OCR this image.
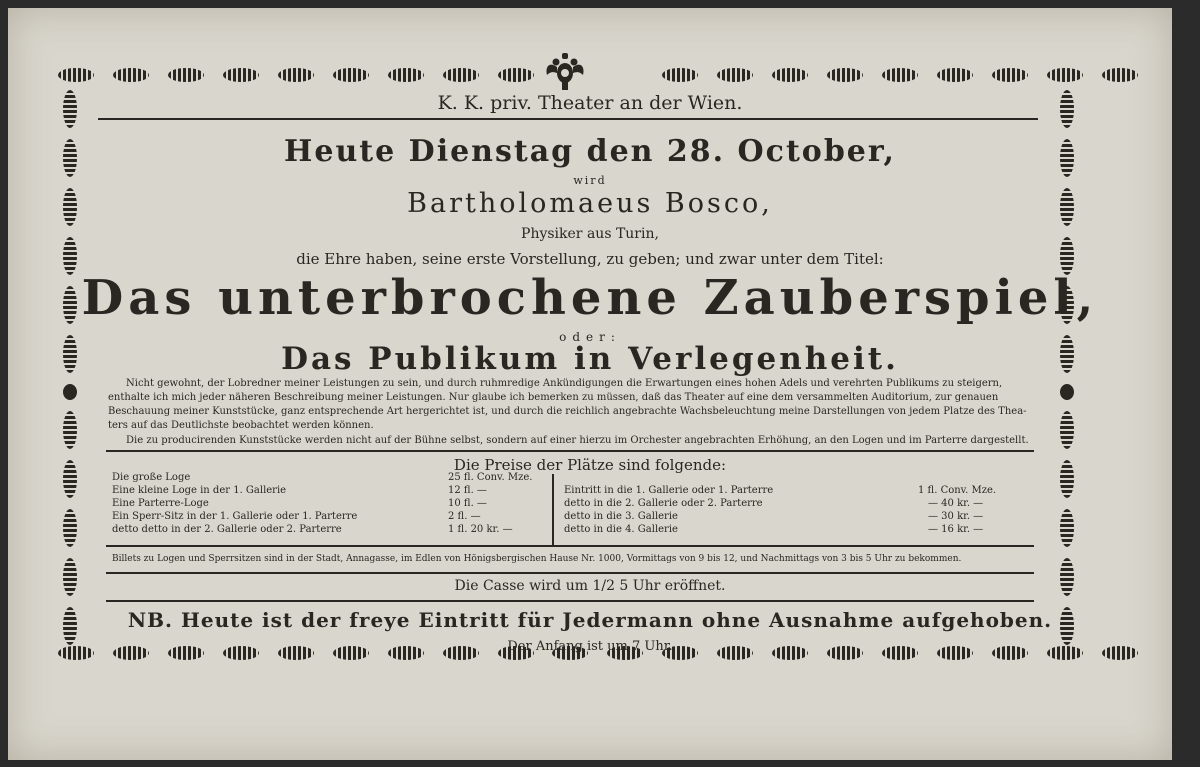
K. K. priv. Theater an der Wien.
Heute Dienstag den 28. October,
wird
Bartholomaeus Bosco,
Physiker aus Turin,
die Ehre haben, seine erste Vorstellung, zu geben; und zwar unter dem Titel:
Das unterbrochene Zauberspiel,
oder:
Das Publikum in Verlegenheit.
Nicht gewohnt, der Lobredner meiner Leistungen zu sein, und durch ruhmredige Ankündigungen die Erwartungen eines hohen Adels und verehrten Publikums zu steigern,
enthalte ich mich jeder näheren Beschreibung meiner Leistungen. Nur glaube ich bemerken zu müssen, daß das Theater auf eine dem versammelten Auditorium, zur genauen
Beschauung meiner Kunststücke, ganz entsprechende Art hergerichtet ist, und durch die reichlich angebrachte Wachsbeleuchtung meine Darstellungen von jedem Platze des Thea-
ters auf das Deutlichste beobachtet werden können.
Die zu producirenden Kunststücke werden nicht auf der Bühne selbst, sondern auf einer hierzu im Orchester angebrachten Erhöhung, an den Logen und im Parterre dargestellt.
Die Preise der Plätze sind folgende:
Die große Loge	25 fl. Conv. Mze.
Eine kleine Loge in der 1. Gallerie	12 fl. —
Eine Parterre-Loge	10 fl. —
Ein Sperr-Sitz in der 1. Gallerie oder 1. Parterre	2 fl. —
detto detto in der 2. Gallerie oder 2. Parterre	1 fl. 20 kr. —
Eintritt in die 1. Gallerie oder 1. Parterre	1 fl. Conv. Mze.
detto in die 2. Gallerie oder 2. Parterre	— 40 kr. —
detto in die 3. Gallerie	— 30 kr. —
detto in die 4. Gallerie	— 16 kr. —
Billets zu Logen und Sperrsitzen sind in der Stadt, Annagasse, im Edlen von Hönigsbergischen Hause Nr. 1000, Vormittags von 9 bis 12, und Nachmittags von 3 bis 5 Uhr zu bekommen.
Die Casse wird um 1/2 5 Uhr eröffnet.
NB. Heute ist der freye Eintritt für Jedermann ohne Ausnahme aufgehoben.
Der Anfang ist um 7 Uhr.
